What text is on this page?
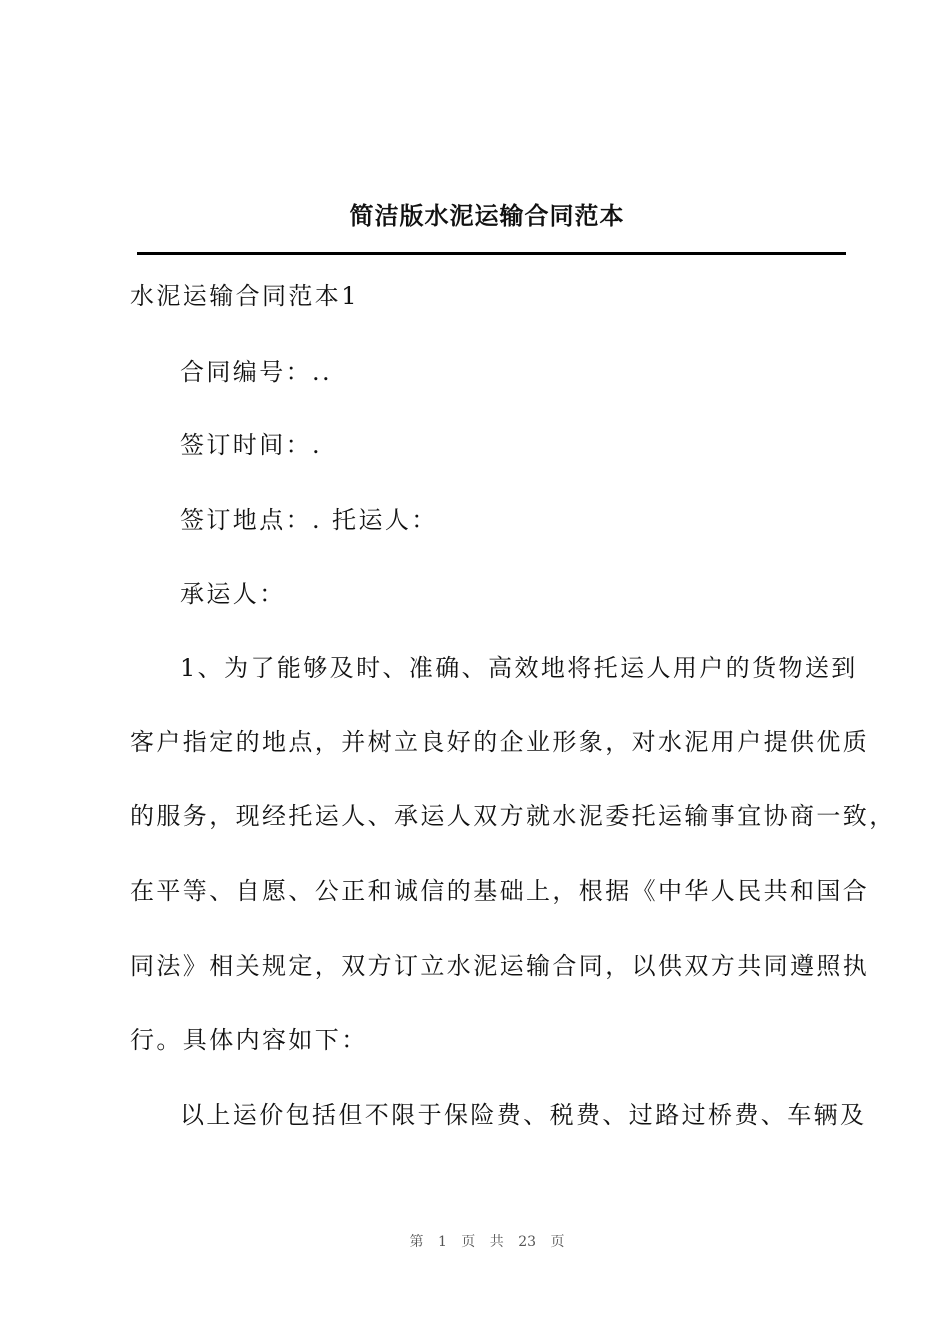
简洁版水泥运输合同范本
水泥运输合同范本1
合同编号：..
签订时间：.
签订地点：. 托运人：
承运人：
1、为了能够及时、准确、高效地将托运人用户的货物送到
客户指定的地点，并树立良好的企业形象，对水泥用户提供优质
的服务，现经托运人、承运人双方就水泥委托运输事宜协商一致，
在平等、自愿、公正和诚信的基础上，根据《中华人民共和国合
同法》相关规定，双方订立水泥运输合同，以供双方共同遵照执
行。具体内容如下：
以上运价包括但不限于保险费、税费、过路过桥费、车辆及
第 1 页 共 23 页
